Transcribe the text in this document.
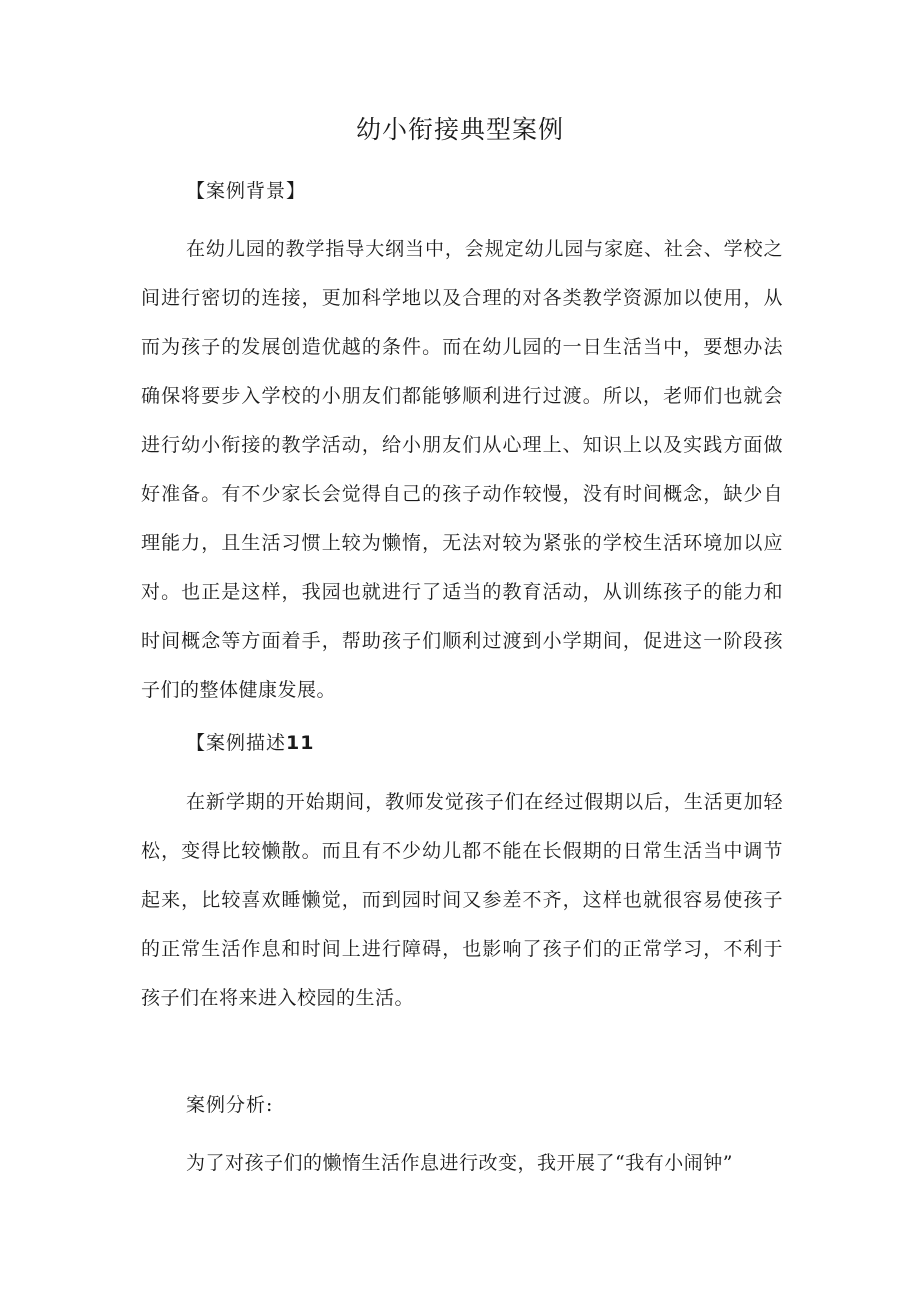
幼小衔接典型案例
【案例背景】
在幼儿园的教学指导大纲当中，会规定幼儿园与家庭、社会、学校之间进行密切的连接，更加科学地以及合理的对各类教学资源加以使用，从而为孩子的发展创造优越的条件。而在幼儿园的一日生活当中，要想办法确保将要步入学校的小朋友们都能够顺利进行过渡。所以，老师们也就会进行幼小衔接的教学活动，给小朋友们从心理上、知识上以及实践方面做好准备。有不少家长会觉得自己的孩子动作较慢，没有时间概念，缺少自理能力，且生活习惯上较为懒惰，无法对较为紧张的学校生活环境加以应对。也正是这样，我园也就进行了适当的教育活动，从训练孩子的能力和时间概念等方面着手，帮助孩子们顺利过渡到小学期间，促进这一阶段孩子们的整体健康发展。
【案例描述11
在新学期的开始期间，教师发觉孩子们在经过假期以后，生活更加轻松，变得比较懒散。而且有不少幼儿都不能在长假期的日常生活当中调节起来，比较喜欢睡懒觉，而到园时间又参差不齐，这样也就很容易使孩子的正常生活作息和时间上进行障碍，也影响了孩子们的正常学习，不利于孩子们在将来进入校园的生活。
案例分析:
为了对孩子们的懒惰生活作息进行改变，我开展了“我有小闹钟”
